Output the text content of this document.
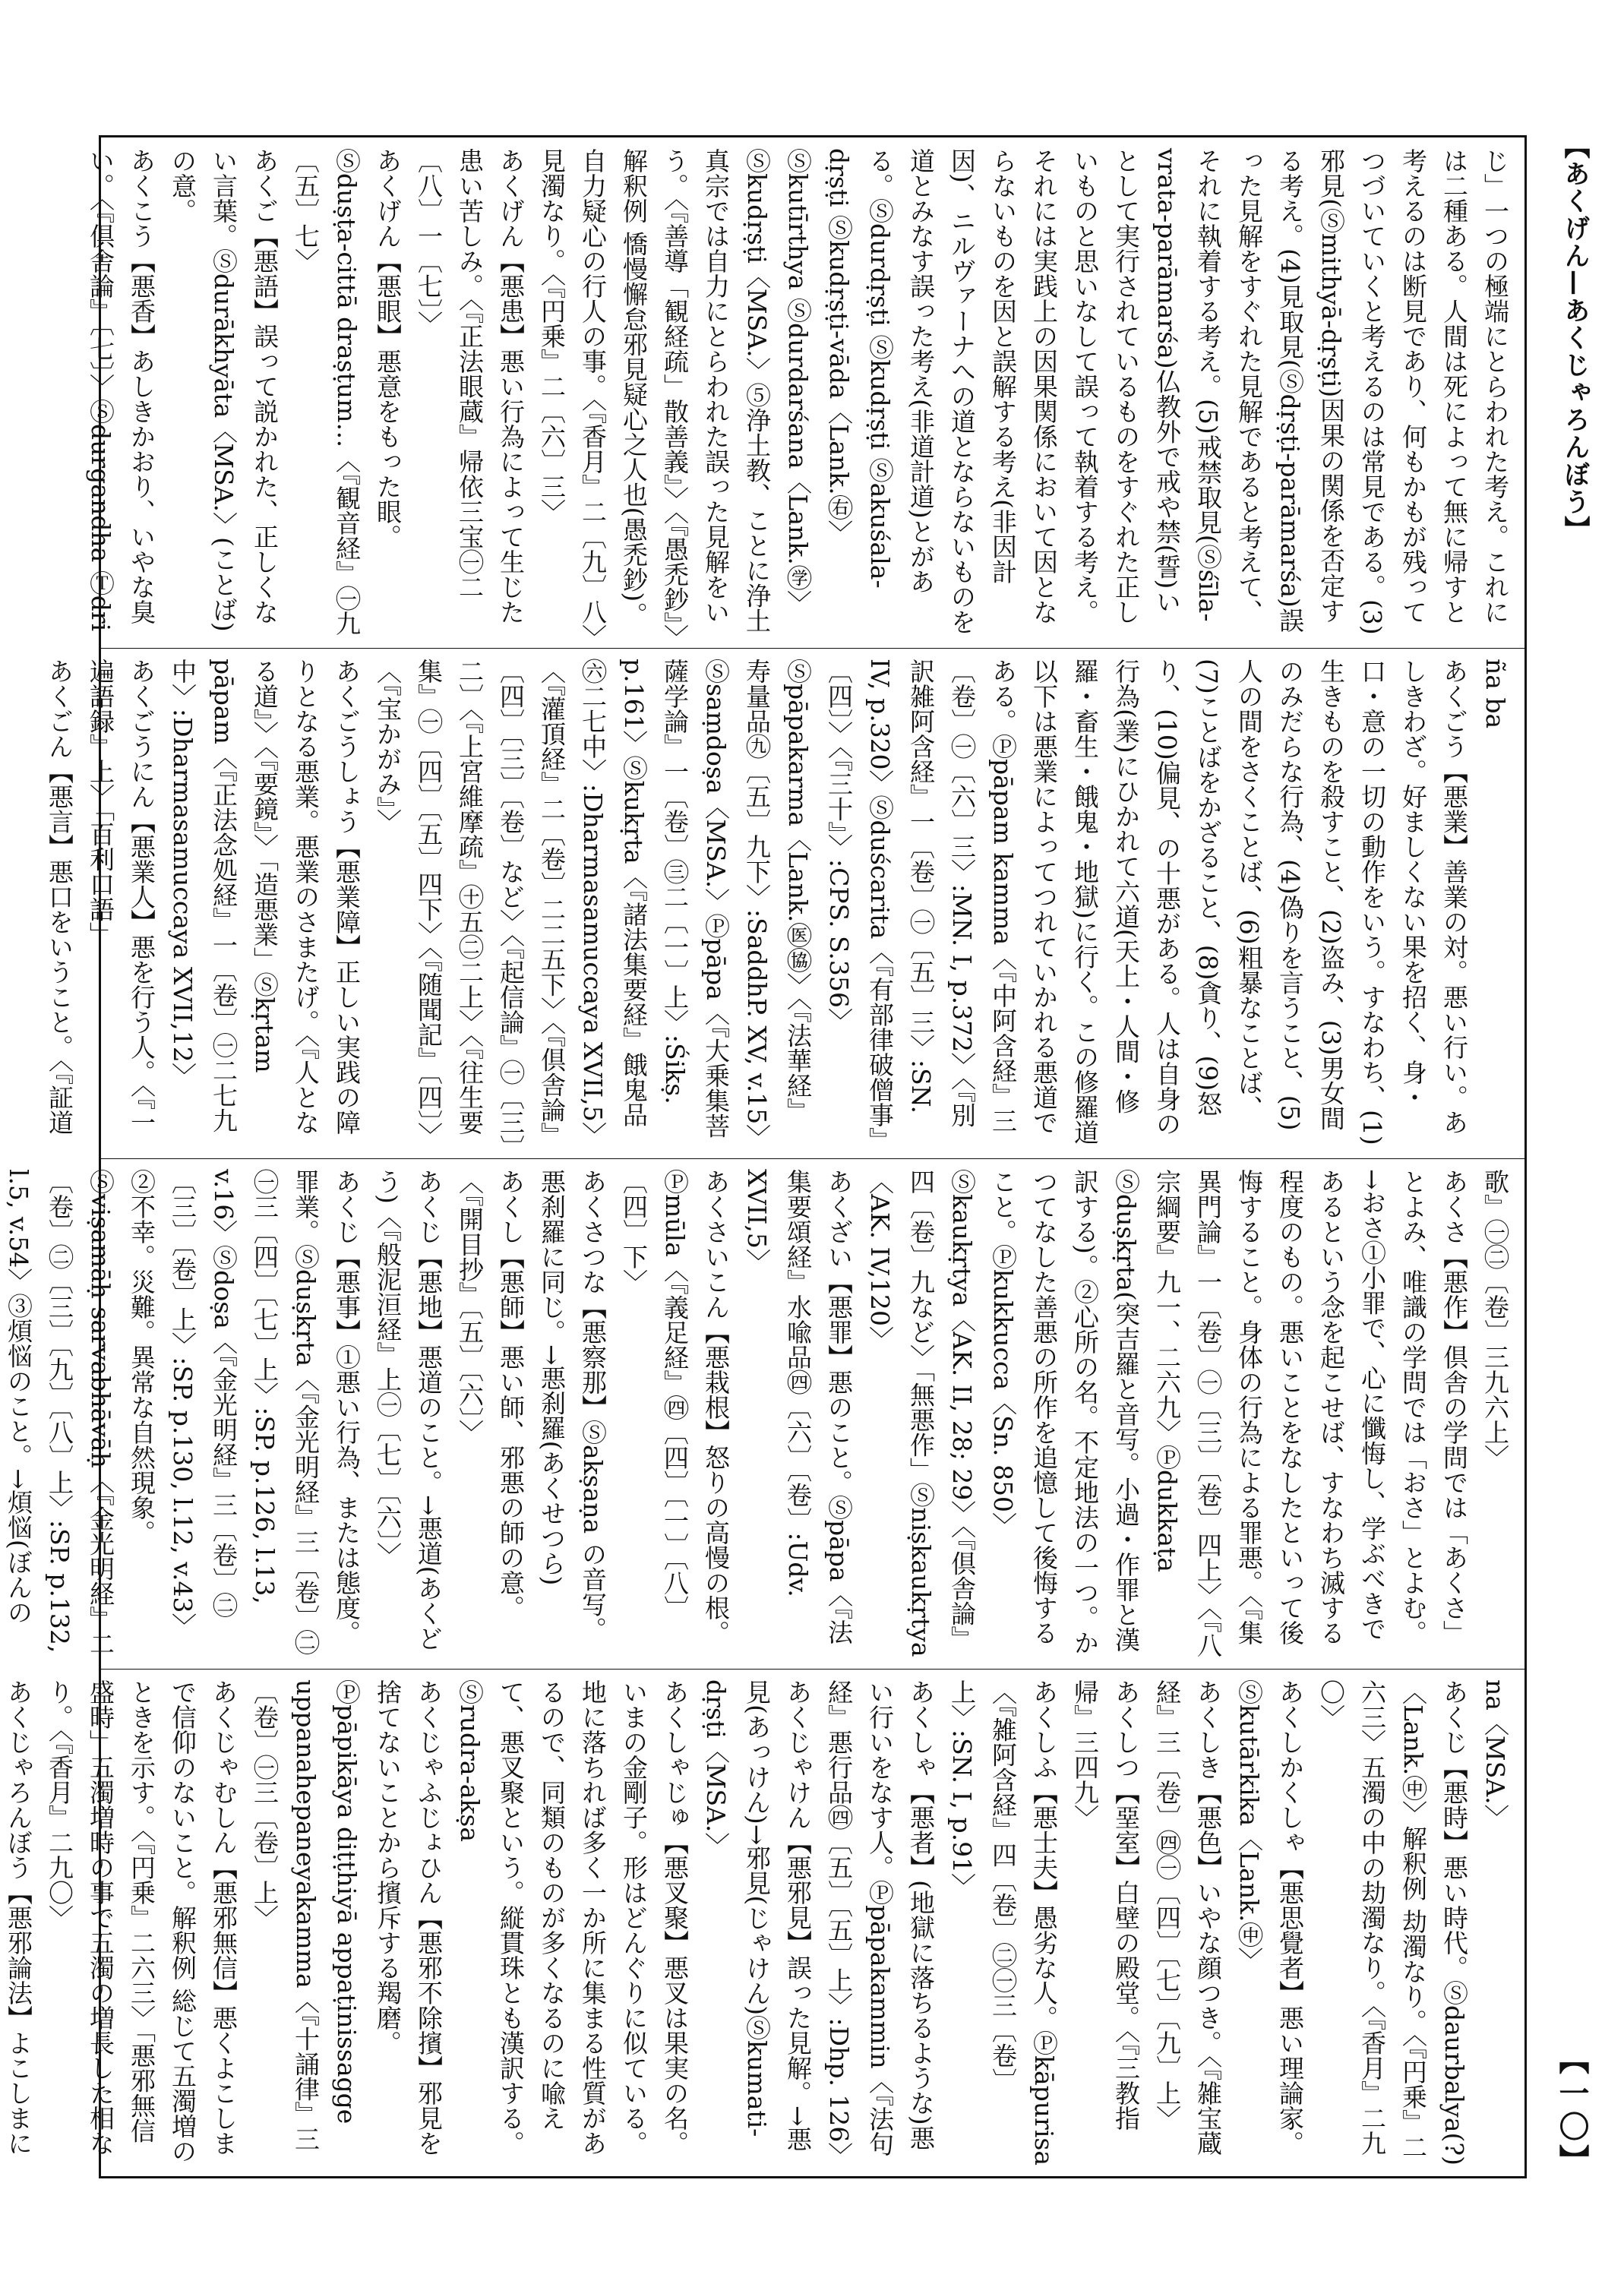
【あくげん—あくじゃろんぼう】
【一〇】

じ」一つの極端にとらわれた考え。これには二種ある。人間は死によって無に帰すと考えるのは断見であり、何もかもが残ってつづいていくと考えるのは常見である。(3)邪見(Ⓢmithyā-dṛṣṭi)因果の関係を否定する考え。(4)見取見(Ⓢdṛṣṭi-parāmarśa)誤った見解をすぐれた見解であると考えて、それに執着する考え。(5)戒禁取見(Ⓢśīla-vrata-parāmarśa)仏教外で戒や禁(誓)いとして実行されているものをすぐれた正しいものと思いなして誤って執着する考え。それには実践上の因果関係において因とならないものを因と誤解する考え(非因計因)、ニルヴァーナへの道とならないものを道とみなす誤った考え(非道計道)とがある。Ⓢdurdṛṣṭi Ⓢkudṛṣṭi Ⓢakuśala-dṛṣṭi Ⓢkudṛṣṭi-vāda〈Lank.㊨〉Ⓢkutīrthya Ⓢdurdarśana〈Lank.㊫〉Ⓢkudṛṣṭi〈MSA.〉⑤浄土教、ことに浄土真宗では自力にとらわれた誤った見解をいう。〈『善導「観経疏」散善義』〉〈『愚禿鈔』〉解釈例 憍慢懈怠邪見疑心之人也(愚禿鈔)。自力疑心の行人の事。〈『香月』二〔九〕八〉見濁なり。〈『円乗』二〔六〕三〉

あくげん【悪患】悪い行為によって生じた患い苦しみ。〈『正法眼蔵』帰依三宝㊀二〔八〕一〔七〕〉

あくげん【悪眼】悪意をもった眼。Ⓢduṣṭa-cittā draṣṭum…〈『観音経』㊀九〔五〕七〉

あくご【悪語】誤って説かれた、正しくない言葉。Ⓢdurākhyāta〈MSA.〉(ことば)の意。

あくこう【悪香】あしきかおり、いやな臭い。〈『倶舎論』〔七〕〉Ⓢdurgandha Ⓣdri

ña ba

あくごう【悪業】善業の対。悪い行い。あしきわざ。好ましくない果を招く、身・口・意の一切の動作をいう。すなわち、(1)生きものを殺すこと、(2)盗み、(3)男女間のみだらな行為、(4)偽りを言うこと、(5)人の間をさくことば、(6)粗暴なことば、(7)ことばをかざること、(8)貪り、(9)怒り、(10)偏見、の十悪がある。人は自身の行為(業)にひかれて六道(天上・人間・修羅・畜生・餓鬼・地獄)に行く。この修羅道以下は悪業によってつれていかれる悪道である。Ⓟpāpam kamma〈『中阿含経』三〔卷〕㊀〔六〕三〉:MN. I, p.372〉〈『別訳雑阿含経』一〔卷〕㊀〔五〕三〉:SN. IV, p.320〉Ⓢduścarita〈『有部律破僧事』〔四〕〉〈『三十』〉:CPS. S.356〉Ⓢpāpakarma〈Lank.㊩㊯〉〈『法華経』寿量品㊈〔五〕九下〉:SaddhP. XV, v.15〉Ⓢsaṃdoṣa〈MSA.〉Ⓟpāpa〈『大乗集菩薩学論』一〔卷〕㊂二〔一〕上〉:Śikṣ. p.161〉Ⓢkukṛta〈『諸法集要経』餓鬼品㊅二七中〉:Dharmasamuccaya XVII,5〉〈『灌頂経』二〔卷〕二二五下〉〈『倶舎論』〔四〕〔三〕〔卷〕など〉〈『起信論』㊀〔三〕二〕〈『上宮維摩疏』㊉五㊁二上〉〈『往生要集』㊀〔四〕〔五〕四下〉〈『随聞記』〔四〕〉〈『宝かがみ』〉

あくごうしょう【悪業障】正しい実践の障りとなる悪業。悪業のさまたげ。〈『人となる道』〉〈『要鏡』〉「造悪業」Ⓢkṛtam pāpam〈『正法念処経』一〔卷〕㊀二七九中〉:Dharmasamuccaya XVII,12〉

あくごうにん【悪業人】悪を行う人。〈『一遍語録』上〉「百利口語」

あくごん【悪言】悪口をいうこと。〈『証道

歌』㊀㊁〔卷〕三九六上〉

あくさ【悪作】倶舎の学問では「あくさ」とよみ、唯識の学問では「おさ」とよむ。→おさ①小罪で、心に懺悔し、学ぶべきであるという念を起こせば、すなわち滅する程度のもの。悪いことをなしたといって後悔すること。身体の行為による罪悪。〈『集異門論』一〔卷〕㊀〔三〕〔卷〕四上〉〈『八宗綱要』九一、二六九〉Ⓟdukkaṭa Ⓢduṣkṛta(突吉羅と音写。小過・作罪と漢訳する)。②心所の名。不定地法の一つ。かつてなした善悪の所作を追憶して後悔すること。Ⓟkukkucca〈Sn. 850〉Ⓢkaukṛtya〈AK. II, 28; 29〉〈『倶舎論』四〔卷〕九など〉「無悪作」Ⓢniṣkaukṛtya〈AK. IV,120〉

あくざい【悪罪】悪のこと。Ⓢpāpa〈『法集要頌経』水喩品㊃〔六〕〔卷〕:Udv. XVII,5〉

あくさいこん【悪栽根】怒りの高慢の根。Ⓟmūla〈『義足経』㊃〔四〕〔一〕〔八〕〔四〕下〉

あくさつな【悪察那】Ⓢakṣaṇa の音写。悪刹羅に同じ。→悪刹羅(あくせつら)

あくし【悪師】悪い師、邪悪の師の意。〈『開目抄』〔五〕〔六〕〉

あくじ【悪地】悪道のこと。→悪道(あくどう)〈『般泥洹経』上㊀〔七〕〔六〕〉

あくじ【悪事】①悪い行為、または態度。罪業。Ⓢduṣkṛta〈『金光明経』三〔卷〕㊁㊀三〔四〕〔七〕上〉:SP. p.126, l.13, v.16〉Ⓢdoṣa〈『金光明経』三〔卷〕㊁〔三〕〔卷〕上〉:SP. p.130, l.12, v.43〉②不幸。災難。異常な自然現象。Ⓢviṣamāḥ sarvabhāvāḥ〈『金光明経』二〔卷〕㊁〔三〕〔九〕〔八〕上〉:SP. p.132, l.5, v.54〉③煩悩のこと。→煩悩(ぼんの

na〈MSA.〉

あくじ【悪時】悪い時代。Ⓢdaurbalya(?)〈Lank.㊥〉解釈例 劫濁なり。〈『円乗』二六三〉五濁の中の劫濁なり。〈『香月』二九〇〉

あくしかくしゃ【悪思覺者】悪い理論家。Ⓢkutārkika〈Lank.㊥〉

あくしき【悪色】いやな顔つき。〈『雑宝蔵経』三〔卷〕㊃㊀〔四〕〔七〕〔九〕上〉

あくしつ【堊室】白壁の殿堂。〈『三教指帰』三四九〉

あくしふ【悪士夫】愚劣な人。Ⓟkāpurisa〈『雑阿含経』四〔卷〕㊁㊀三〔卷〕上〉:SN. I, p.91〉

あくしゃ【悪者】(地獄に落ちるような)悪い行いをなす人。Ⓟpāpakammin〈『法句経』悪行品㊃〔五〕〔五〕上〉:Dhp. 126〉

あくじゃけん【悪邪見】誤った見解。→悪見(あっけん)→邪見(じゃけん)Ⓢkumati-dṛṣṭi〈MSA.〉

あくしゃじゅ【悪叉聚】悪叉は果実の名。いまの金剛子。形はどんぐりに似ている。地に落ちれば多く一か所に集まる性質があるので、同類のものが多くなるのに喩えて、悪叉聚という。縦貫珠とも漢訳する。Ⓢrudra-akṣa

あくじゃふじょひん【悪邪不除擯】邪見を捨てないことから擯斥する羯磨。Ⓟpāpikāya diṭṭhiyā appaṭinissagge uppanahepaneyakamma〈『十誦律』三〔卷〕㊀三〔卷〕上〉

あくじゃむしん【悪邪無信】悪くよこしまで信仰のないこと。解釈例 総じて五濁増のときを示す。〈『円乗』二六三〉「悪邪無信盛時」五濁増時の事で五濁の増長した相なり。〈『香月』二九〇〉

あくじゃろんぼう【悪邪論法】よこしまに
